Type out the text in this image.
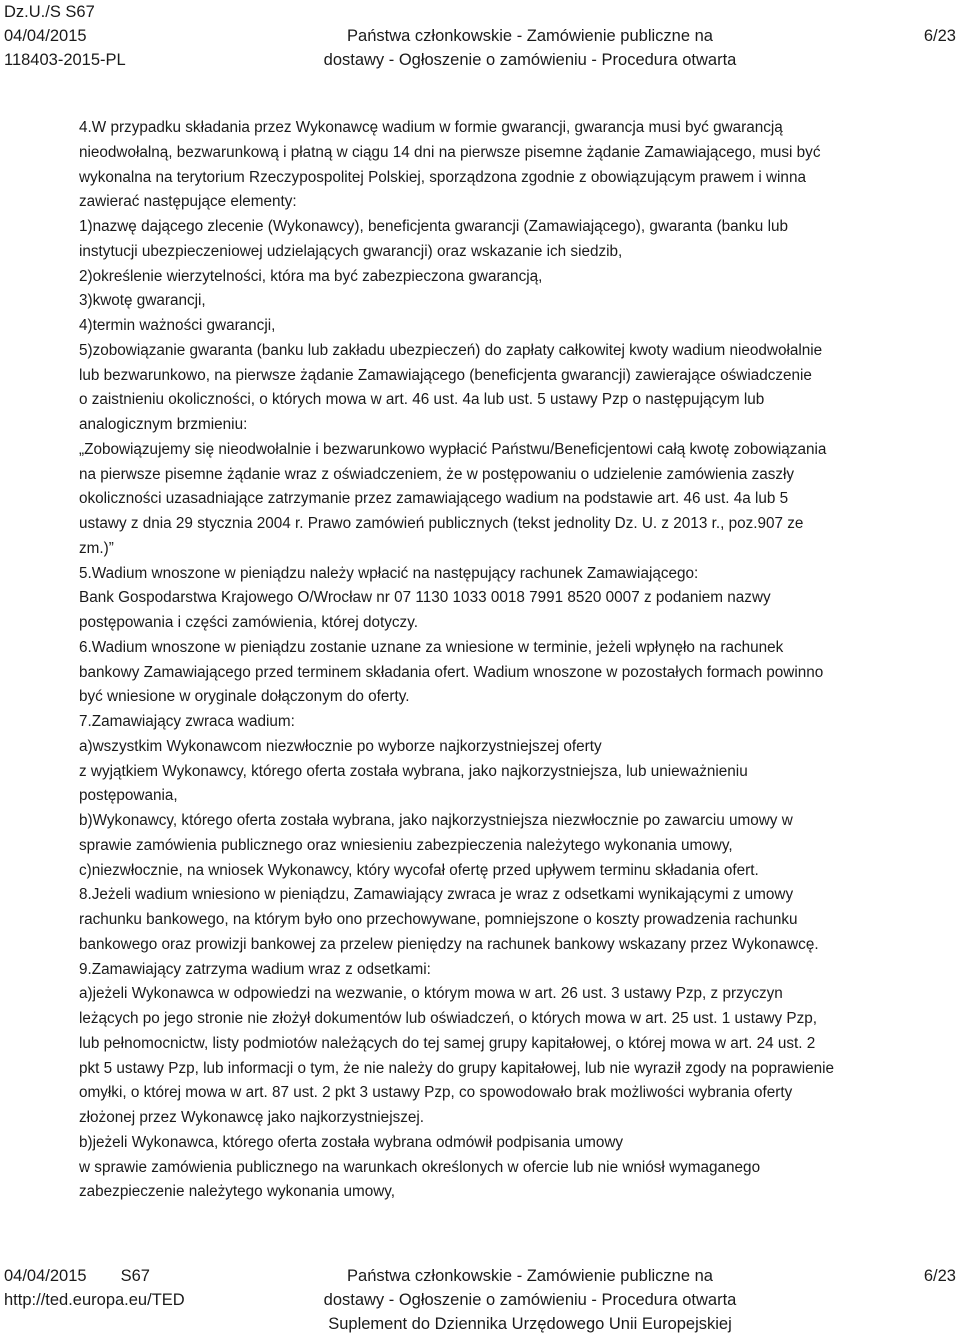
Dz.U./S S67
04/04/2015
118403-2015-PL
Państwa członkowskie - Zamówienie publiczne na
dostawy - Ogłoszenie o zamówieniu - Procedura otwarta
6/23
4.W przypadku składania przez Wykonawcę wadium w formie gwarancji, gwarancja musi być gwarancją
nieodwołalną, bezwarunkową i płatną w ciągu 14 dni na pierwsze pisemne żądanie Zamawiającego, musi być
wykonalna na terytorium Rzeczypospolitej Polskiej, sporządzona zgodnie z obowiązującym prawem i winna
zawierać następujące elementy:
1)nazwę dającego zlecenie (Wykonawcy), beneficjenta gwarancji (Zamawiającego), gwaranta (banku lub
instytucji ubezpieczeniowej udzielających gwarancji) oraz wskazanie ich siedzib,
2)określenie wierzytelności, która ma być zabezpieczona gwarancją,
3)kwotę gwarancji,
4)termin ważności gwarancji,
5)zobowiązanie gwaranta (banku lub zakładu ubezpieczeń) do zapłaty całkowitej kwoty wadium nieodwołalnie
lub bezwarunkowo, na pierwsze żądanie Zamawiającego (beneficjenta gwarancji) zawierające oświadczenie
o zaistnieniu okoliczności, o których mowa w art. 46 ust. 4a lub ust. 5 ustawy Pzp o następującym lub
analogicznym brzmieniu:
„Zobowiązujemy się nieodwołalnie i bezwarunkowo wypłacić Państwu/Beneficjentowi całą kwotę zobowiązania
na pierwsze pisemne żądanie wraz z oświadczeniem, że w postępowaniu o udzielenie zamówienia zaszły
okoliczności uzasadniające zatrzymanie przez zamawiającego wadium na podstawie art. 46 ust. 4a lub 5
ustawy z dnia 29 stycznia 2004 r. Prawo zamówień publicznych (tekst jednolity Dz. U. z 2013 r., poz.907 ze
zm.)”
5.Wadium wnoszone w pieniądzu należy wpłacić na następujący rachunek Zamawiającego:
Bank Gospodarstwa Krajowego O/Wrocław nr 07 1130 1033 0018 7991 8520 0007 z podaniem nazwy
postępowania i części zamówienia, której dotyczy.
6.Wadium wnoszone w pieniądzu zostanie uznane za wniesione w terminie, jeżeli wpłynęło na rachunek
bankowy Zamawiającego przed terminem składania ofert. Wadium wnoszone w pozostałych formach powinno
być wniesione w oryginale dołączonym do oferty.
7.Zamawiający zwraca wadium:
a)wszystkim Wykonawcom niezwłocznie po wyborze najkorzystniejszej oferty
z wyjątkiem Wykonawcy, którego oferta została wybrana, jako najkorzystniejsza, lub unieważnieniu
postępowania,
b)Wykonawcy, którego oferta została wybrana, jako najkorzystniejsza niezwłocznie po zawarciu umowy w
sprawie zamówienia publicznego oraz wniesieniu zabezpieczenia należytego wykonania umowy,
c)niezwłocznie, na wniosek Wykonawcy, który wycofał ofertę przed upływem terminu składania ofert.
8.Jeżeli wadium wniesiono w pieniądzu, Zamawiający zwraca je wraz z odsetkami wynikającymi z umowy
rachunku bankowego, na którym było ono przechowywane, pomniejszone o koszty prowadzenia rachunku
bankowego oraz prowizji bankowej za przelew pieniędzy na rachunek bankowy wskazany przez Wykonawcę.
9.Zamawiający zatrzyma wadium wraz z odsetkami:
a)jeżeli Wykonawca w odpowiedzi na wezwanie, o którym mowa w art. 26 ust. 3 ustawy Pzp, z przyczyn
leżących po jego stronie nie złożył dokumentów lub oświadczeń, o których mowa w art. 25 ust. 1 ustawy Pzp,
lub pełnomocnictw, listy podmiotów należących do tej samej grupy kapitałowej, o której mowa w art. 24 ust. 2
pkt 5 ustawy Pzp, lub informacji o tym, że nie należy do grupy kapitałowej, lub nie wyraził zgody na poprawienie
omyłki, o której mowa w art. 87 ust. 2 pkt 3 ustawy Pzp, co spowodowało brak możliwości wybrania oferty
złożonej przez Wykonawcę jako najkorzystniejszej.
b)jeżeli Wykonawca, którego oferta została wybrana odmówił podpisania umowy
w sprawie zamówienia publicznego na warunkach określonych w ofercie lub nie wniósł wymaganego
zabezpieczenie należytego wykonania umowy,
04/04/2015 S67
http://ted.europa.eu/TED
Państwa członkowskie - Zamówienie publiczne na
dostawy - Ogłoszenie o zamówieniu - Procedura otwarta
Suplement do Dziennika Urzędowego Unii Europejskiej
6/23
